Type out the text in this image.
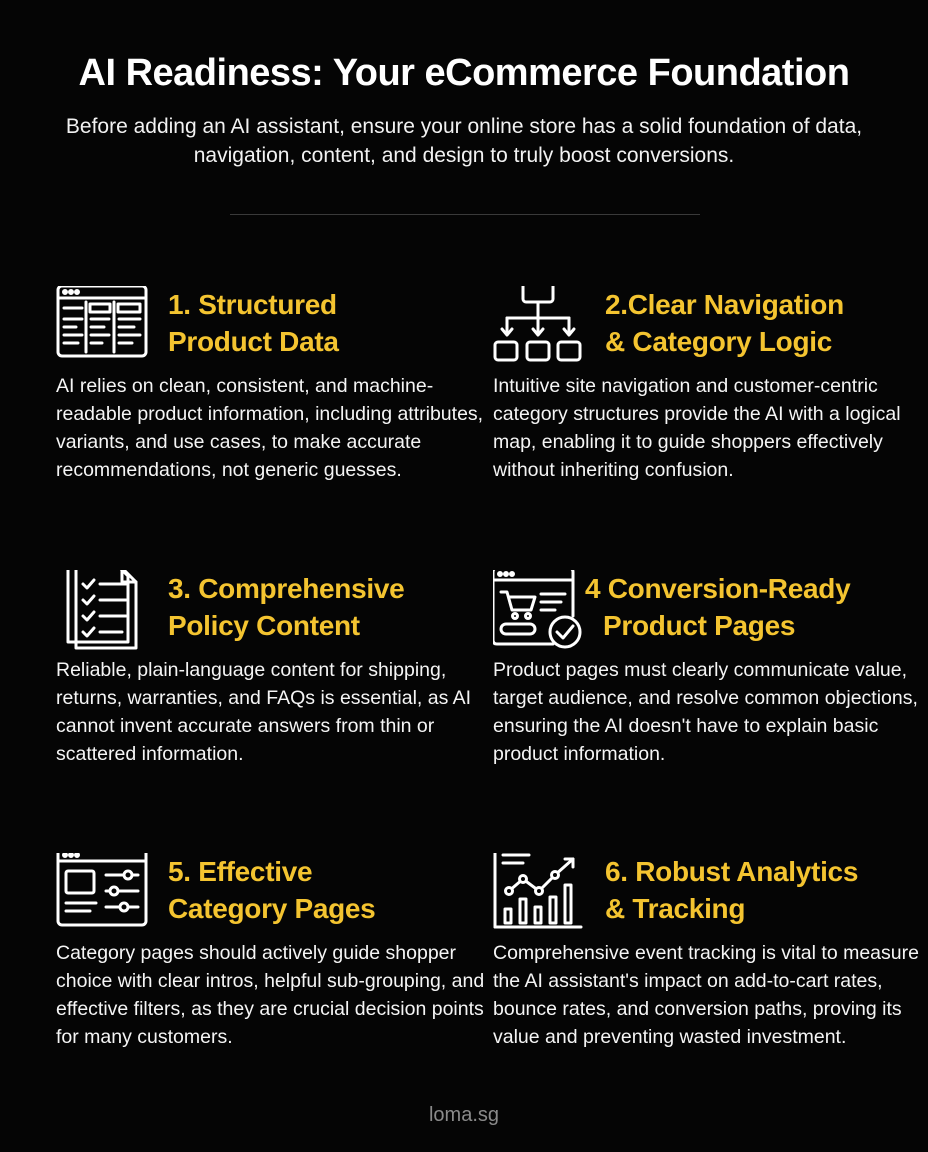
AI Readiness: Your eCommerce Foundation
Before adding an AI assistant, ensure your online store has a solid foundation of data, navigation, content, and design to truly boost conversions.
1. Structured
Product Data
AI relies on clean, consistent, and machine-readable product information, including attributes, variants, and use cases, to make accurate recommendations, not generic guesses.
2.Clear Navigation
& Category Logic
Intuitive site navigation and customer-centric category structures provide the AI with a logical map, enabling it to guide shoppers effectively without inheriting confusion.
3. Comprehensive
Policy Content
Reliable, plain-language content for shipping, returns, warranties, and FAQs is essential, as AI cannot invent accurate answers from thin or scattered information.
4 Conversion-Ready
Product Pages
Product pages must clearly communicate value, target audience, and resolve common objections, ensuring the AI doesn't have to explain basic product information.
5. Effective
Category Pages
Category pages should actively guide shopper choice with clear intros, helpful sub-grouping, and effective filters, as they are crucial decision points for many customers.
6. Robust Analytics
& Tracking
Comprehensive event tracking is vital to measure the AI assistant's impact on add-to-cart rates, bounce rates, and conversion paths, proving its value and preventing wasted investment.
loma.sg
